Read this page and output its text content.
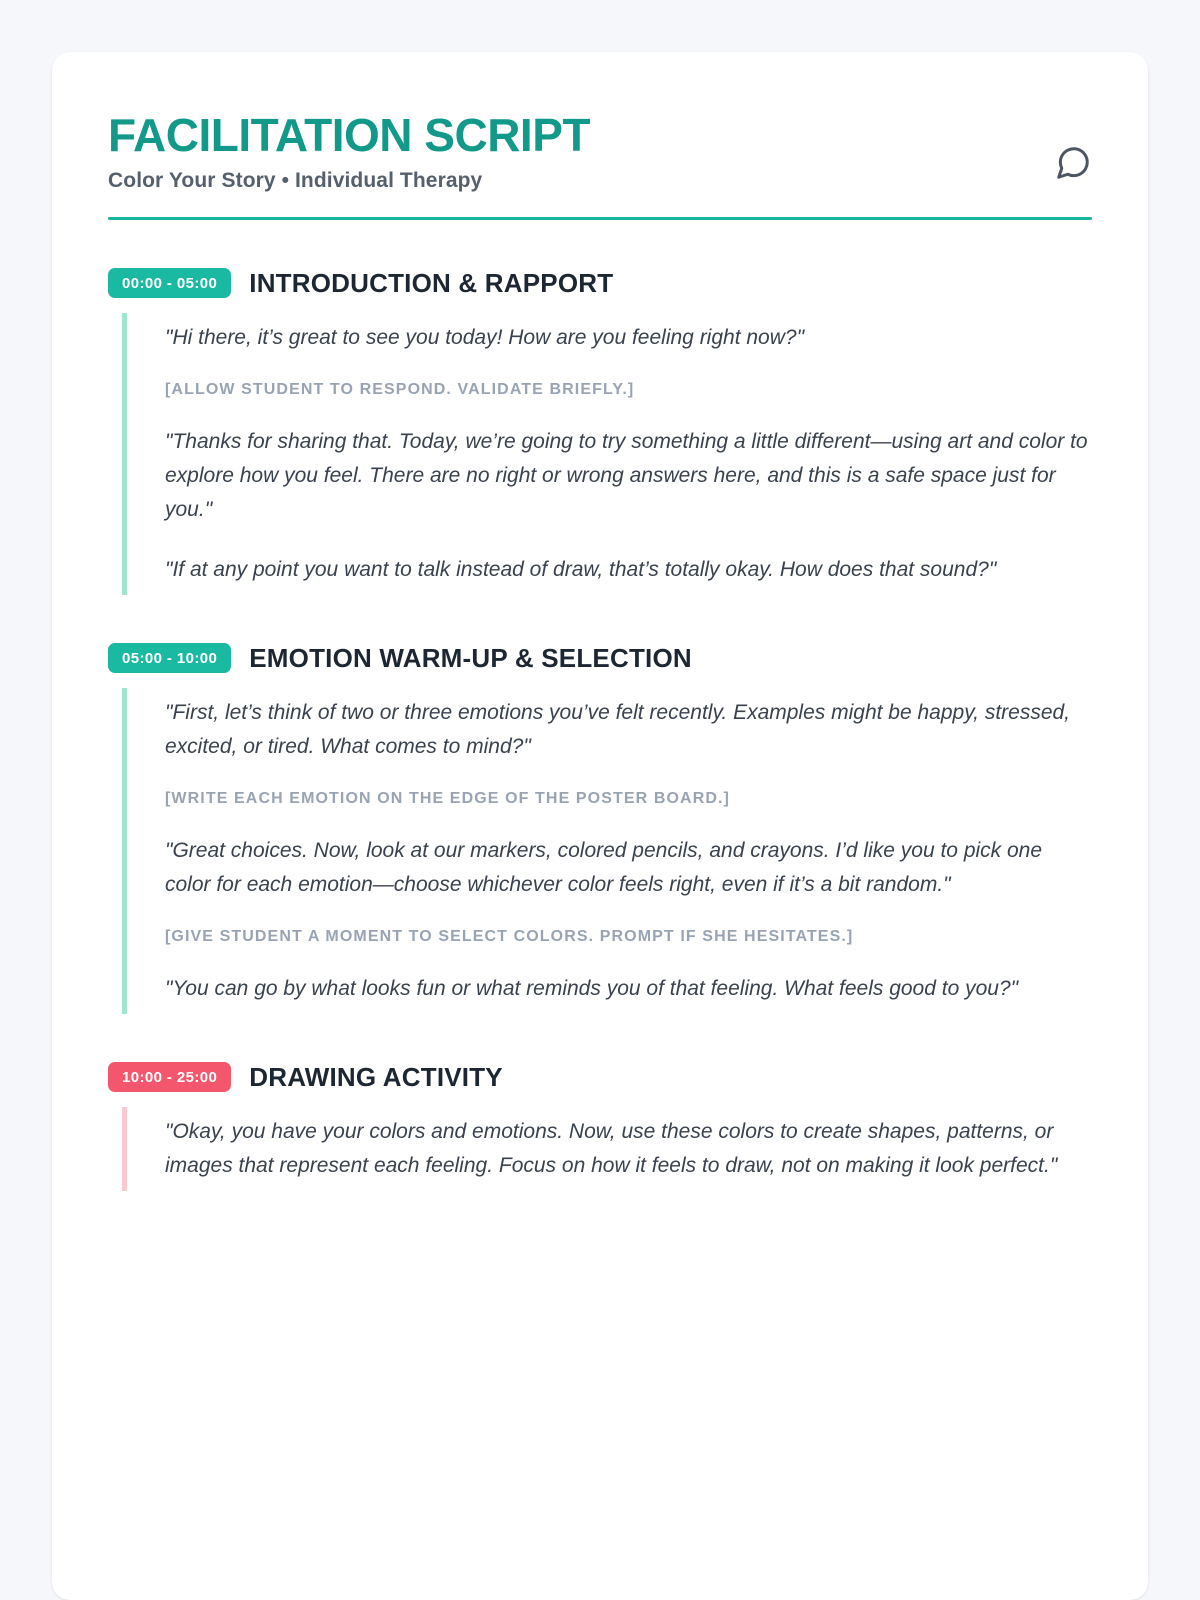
FACILITATION SCRIPT

Color Your Story • Individual Therapy

00:00 - 05:00	INTRODUCTION & RAPPORT

"Hi there, it’s great to see you today! How are you feeling right now?"

[ALLOW STUDENT TO RESPOND. VALIDATE BRIEFLY.]

"Thanks for sharing that. Today, we’re going to try something a little different—using art and color to explore how you feel. There are no right or wrong answers here, and this is a safe space just for you."

"If at any point you want to talk instead of draw, that’s totally okay. How does that sound?"

05:00 - 10:00	EMOTION WARM-UP & SELECTION

"First, let’s think of two or three emotions you’ve felt recently. Examples might be happy, stressed, excited, or tired. What comes to mind?"

[WRITE EACH EMOTION ON THE EDGE OF THE POSTER BOARD.]

"Great choices. Now, look at our markers, colored pencils, and crayons. I’d like you to pick one color for each emotion—choose whichever color feels right, even if it’s a bit random."

[GIVE STUDENT A MOMENT TO SELECT COLORS. PROMPT IF SHE HESITATES.]

"You can go by what looks fun or what reminds you of that feeling. What feels good to you?"

10:00 - 25:00	DRAWING ACTIVITY

"Okay, you have your colors and emotions. Now, use these colors to create shapes, patterns, or images that represent each feeling. Focus on how it feels to draw, not on making it look perfect."
